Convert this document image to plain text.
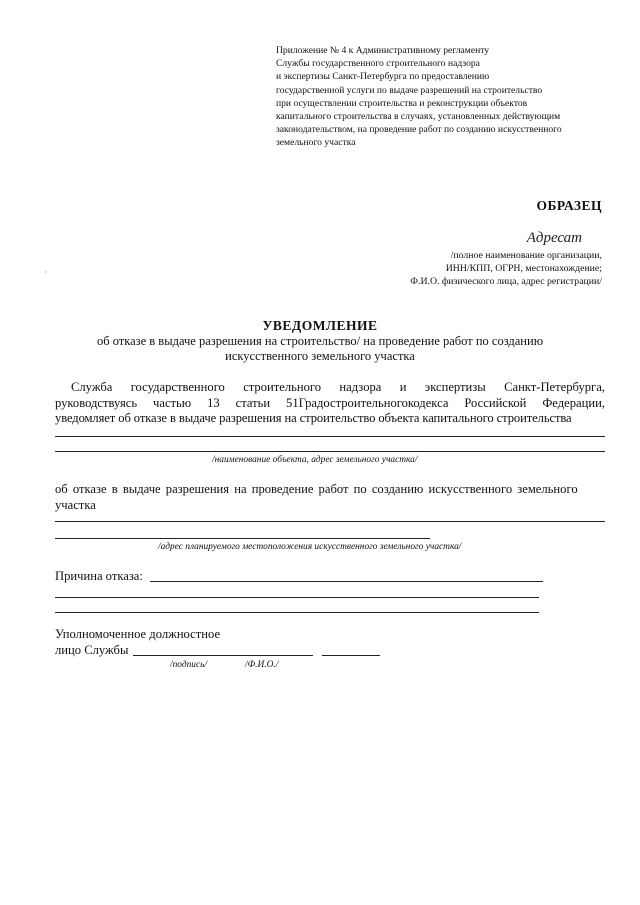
Приложение № 4 к Административному регламенту
Службы государственного строительного надзора
и экспертизы Санкт-Петербурга по предоставлению
государственной услуги по выдаче разрешений на строительство
при осуществлении строительства и реконструкции объектов
капитального строительства в случаях, установленных действующим
законодательством, на проведение работ по созданию искусственного
земельного участка
ОБРАЗЕЦ
Адресат
/полное наименование организации,
ИНН/КПП, ОГРН, местонахождение;
Ф.И.О. физического лица, адрес регистрации/
·
УВЕДОМЛЕНИЕ
об отказе в выдаче разрешения на строительство/ на проведение работ по созданию
искусственного земельного участка
Служба государственного строительного надзора и экспертизы Санкт-Петербурга,
руководствуясь частью 13 статьи 51Градостроительногокодекса Российской Федерации,
уведомляет об отказе в выдаче разрешения на строительство объекта капитального строительства
/наименование объекта, адрес земельного участка/
об отказе в выдаче разрешения на проведение работ по созданию искусственного земельного
участка
/адрес планируемого местоположения искусственного земельного участка/
Причина отказа:
Уполномоченное должностное
лицо Службы
/подпись/	/Ф.И.О./
